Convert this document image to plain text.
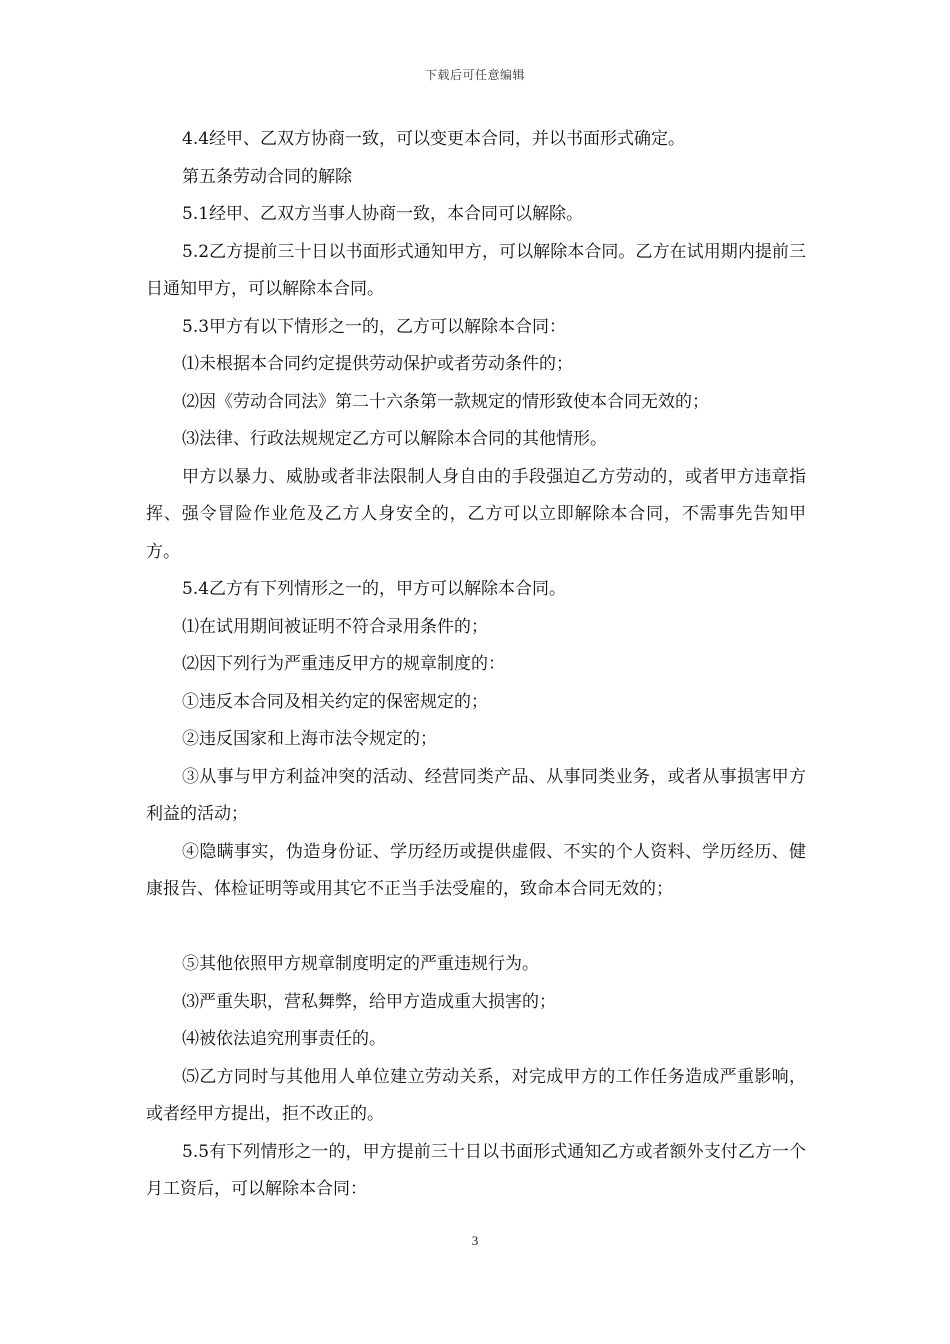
下载后可任意编辑

4.4经甲、乙双方协商一致，可以变更本合同，并以书面形式确定。

第五条劳动合同的解除

5.1经甲、乙双方当事人协商一致，本合同可以解除。

5.2乙方提前三十日以书面形式通知甲方，可以解除本合同。乙方在试用期内提前三日通知甲方，可以解除本合同。

5.3甲方有以下情形之一的，乙方可以解除本合同：

⑴未根据本合同约定提供劳动保护或者劳动条件的；

⑵因《劳动合同法》第二十六条第一款规定的情形致使本合同无效的；

⑶法律、行政法规规定乙方可以解除本合同的其他情形。

甲方以暴力、威胁或者非法限制人身自由的手段强迫乙方劳动的，或者甲方违章指挥、强令冒险作业危及乙方人身安全的，乙方可以立即解除本合同，不需事先告知甲方。

5.4乙方有下列情形之一的，甲方可以解除本合同。

⑴在试用期间被证明不符合录用条件的；

⑵因下列行为严重违反甲方的规章制度的：

①违反本合同及相关约定的保密规定的；

②违反国家和上海市法令规定的；

③从事与甲方利益冲突的活动、经营同类产品、从事同类业务，或者从事损害甲方利益的活动；

④隐瞒事实，伪造身份证、学历经历或提供虚假、不实的个人资料、学历经历、健康报告、体检证明等或用其它不正当手法受雇的，致命本合同无效的；

⑤其他依照甲方规章制度明定的严重违规行为。

⑶严重失职，营私舞弊，给甲方造成重大损害的；

⑷被依法追究刑事责任的。

⑸乙方同时与其他用人单位建立劳动关系，对完成甲方的工作任务造成严重影响，或者经甲方提出，拒不改正的。

5.5有下列情形之一的，甲方提前三十日以书面形式通知乙方或者额外支付乙方一个月工资后，可以解除本合同：

3
